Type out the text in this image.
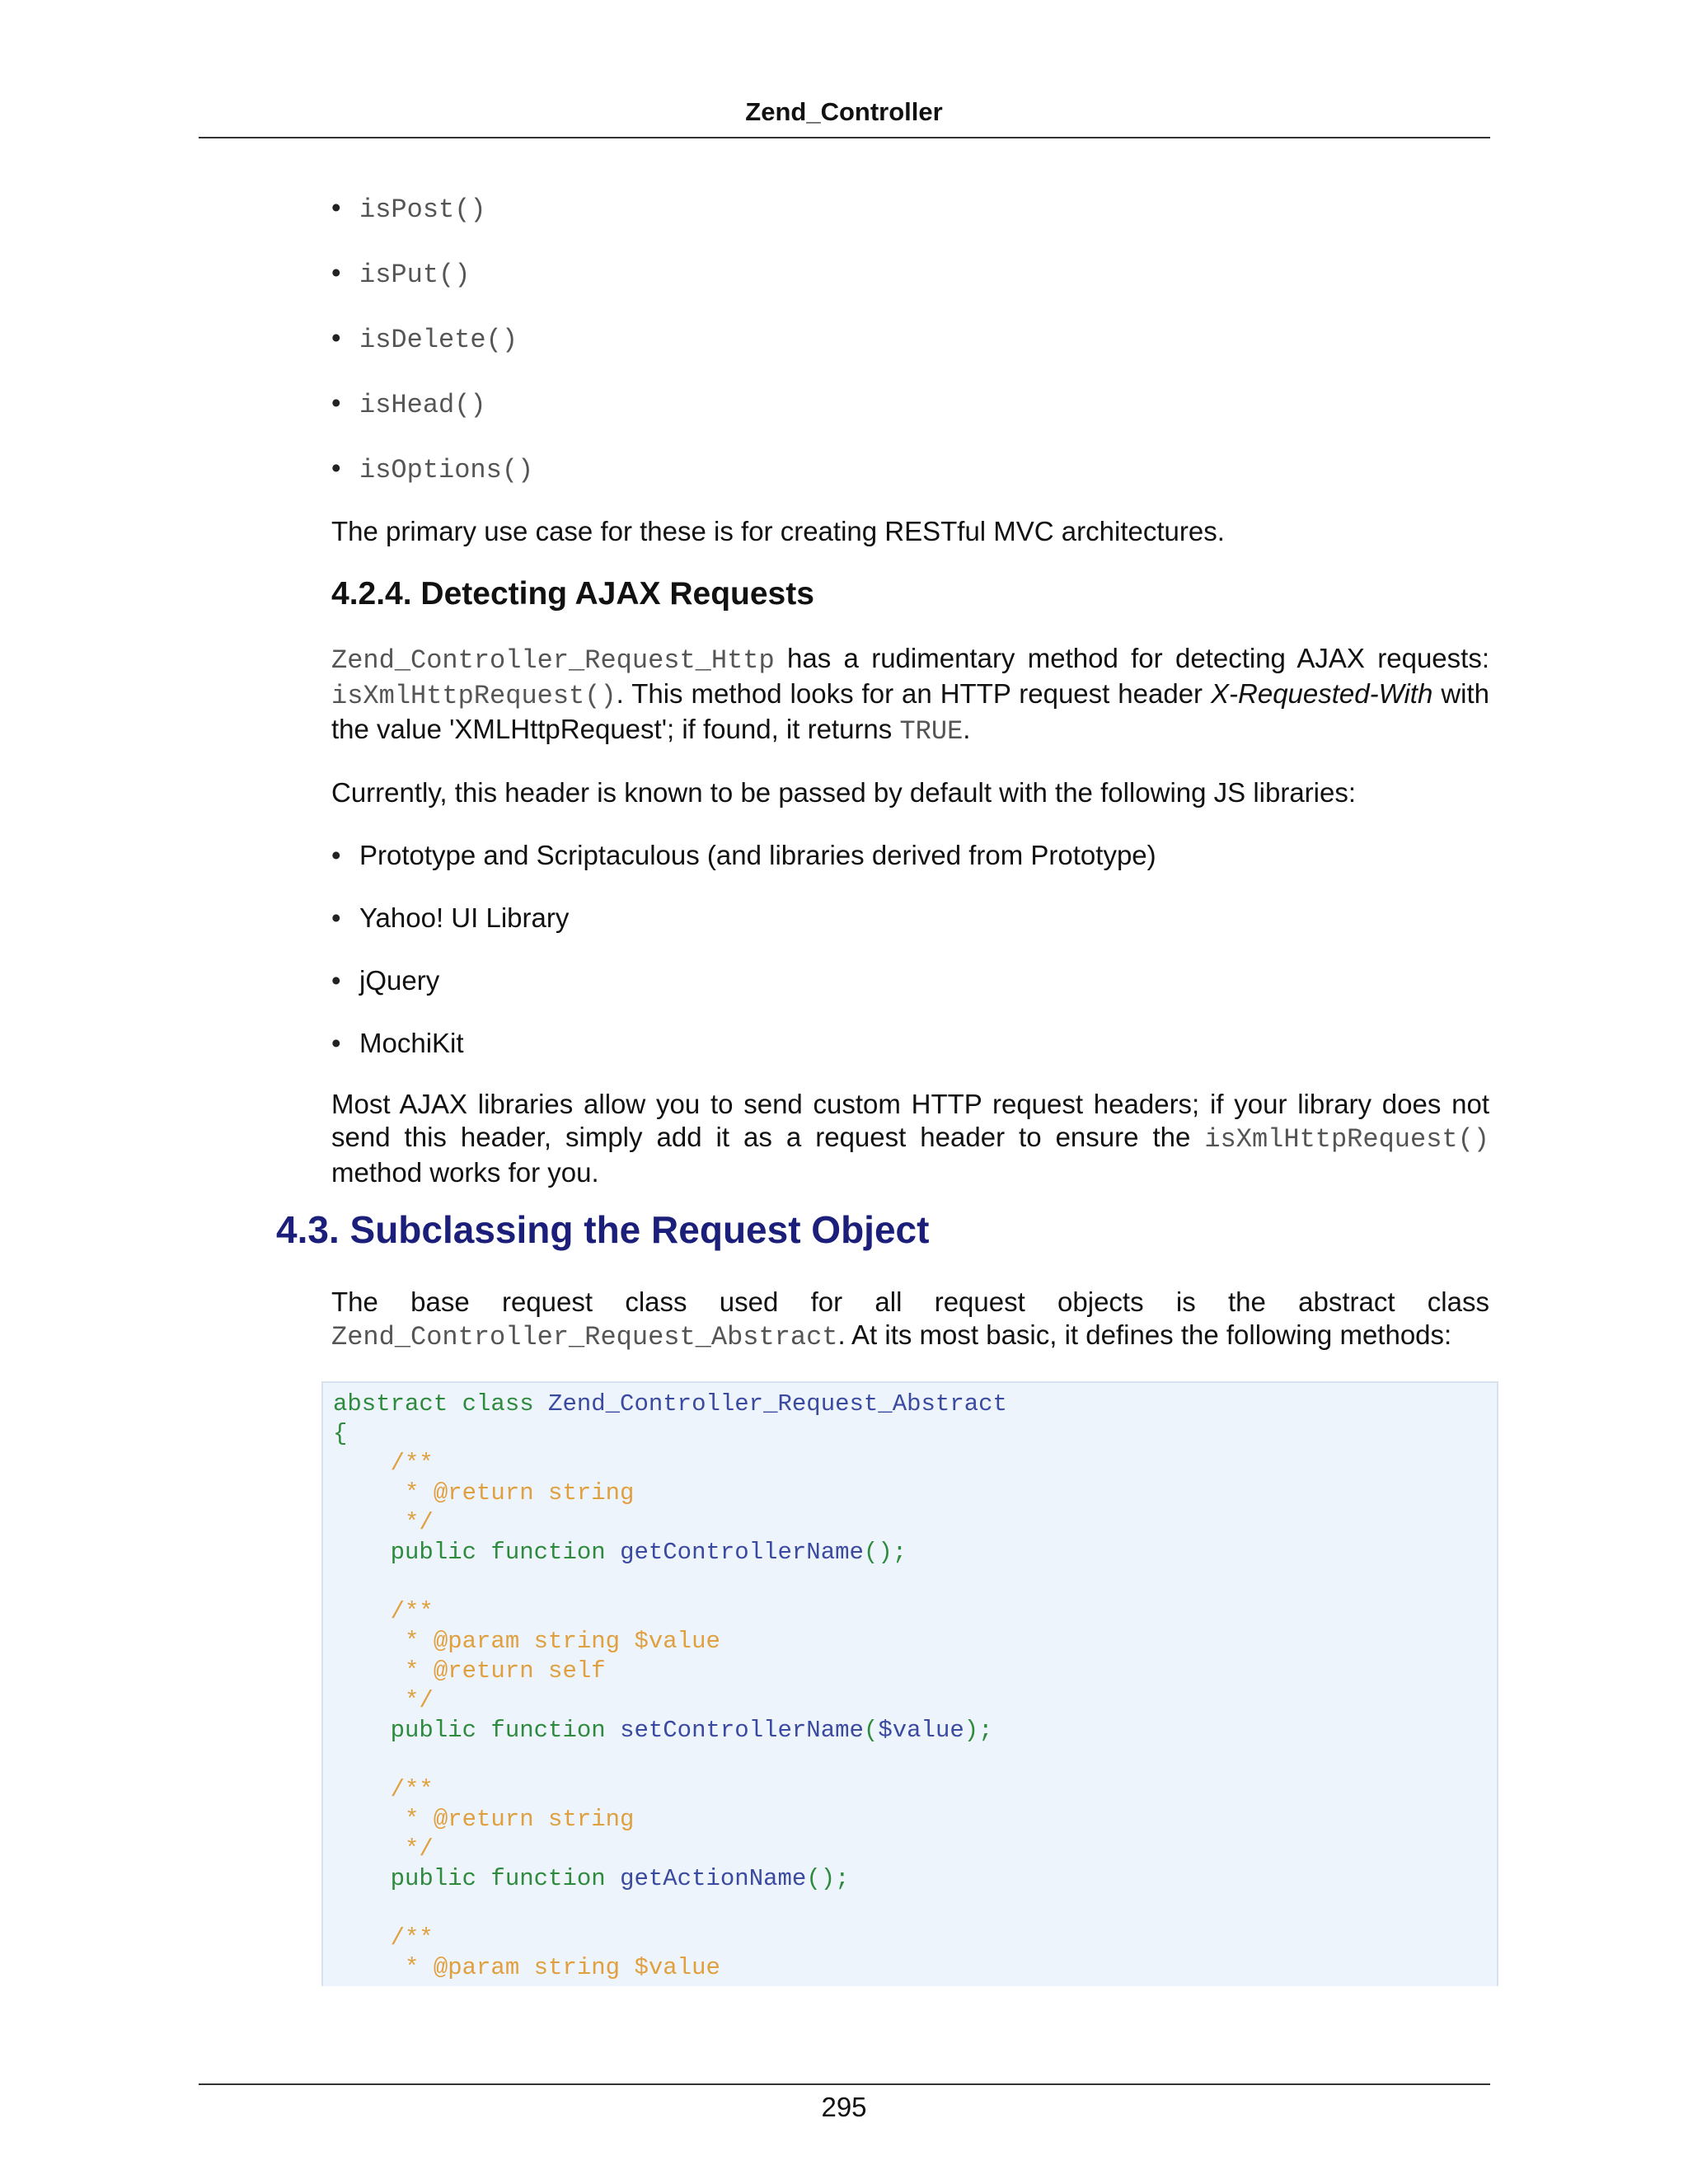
Zend_Controller
• isPost()
• isPut()
• isDelete()
• isHead()
• isOptions()

The primary use case for these is for creating RESTful MVC architectures.

4.2.4. Detecting AJAX Requests

Zend_Controller_Request_Http has a rudimentary method for detecting AJAX requests: isXmlHttpRequest(). This method looks for an HTTP request header X-Requested-With with the value 'XMLHttpRequest'; if found, it returns TRUE.

Currently, this header is known to be passed by default with the following JS libraries:

• Prototype and Scriptaculous (and libraries derived from Prototype)
• Yahoo! UI Library
• jQuery
• MochiKit

Most AJAX libraries allow you to send custom HTTP request headers; if your library does not send this header, simply add it as a request header to ensure the isXmlHttpRequest() method works for you.

4.3. Subclassing the Request Object

The base request class used for all request objects is the abstract class

Zend_Controller_Request_Abstract. At its most basic, it defines the following methods:

abstract class Zend_Controller_Request_Abstract
{
/**
* @return string
*/
public function getControllerName();

/**
* @param string $value
* @return self
*/
public function setControllerName($value);

/**
* @return string
*/
public function getActionName();

/**
* @param string $value
295
